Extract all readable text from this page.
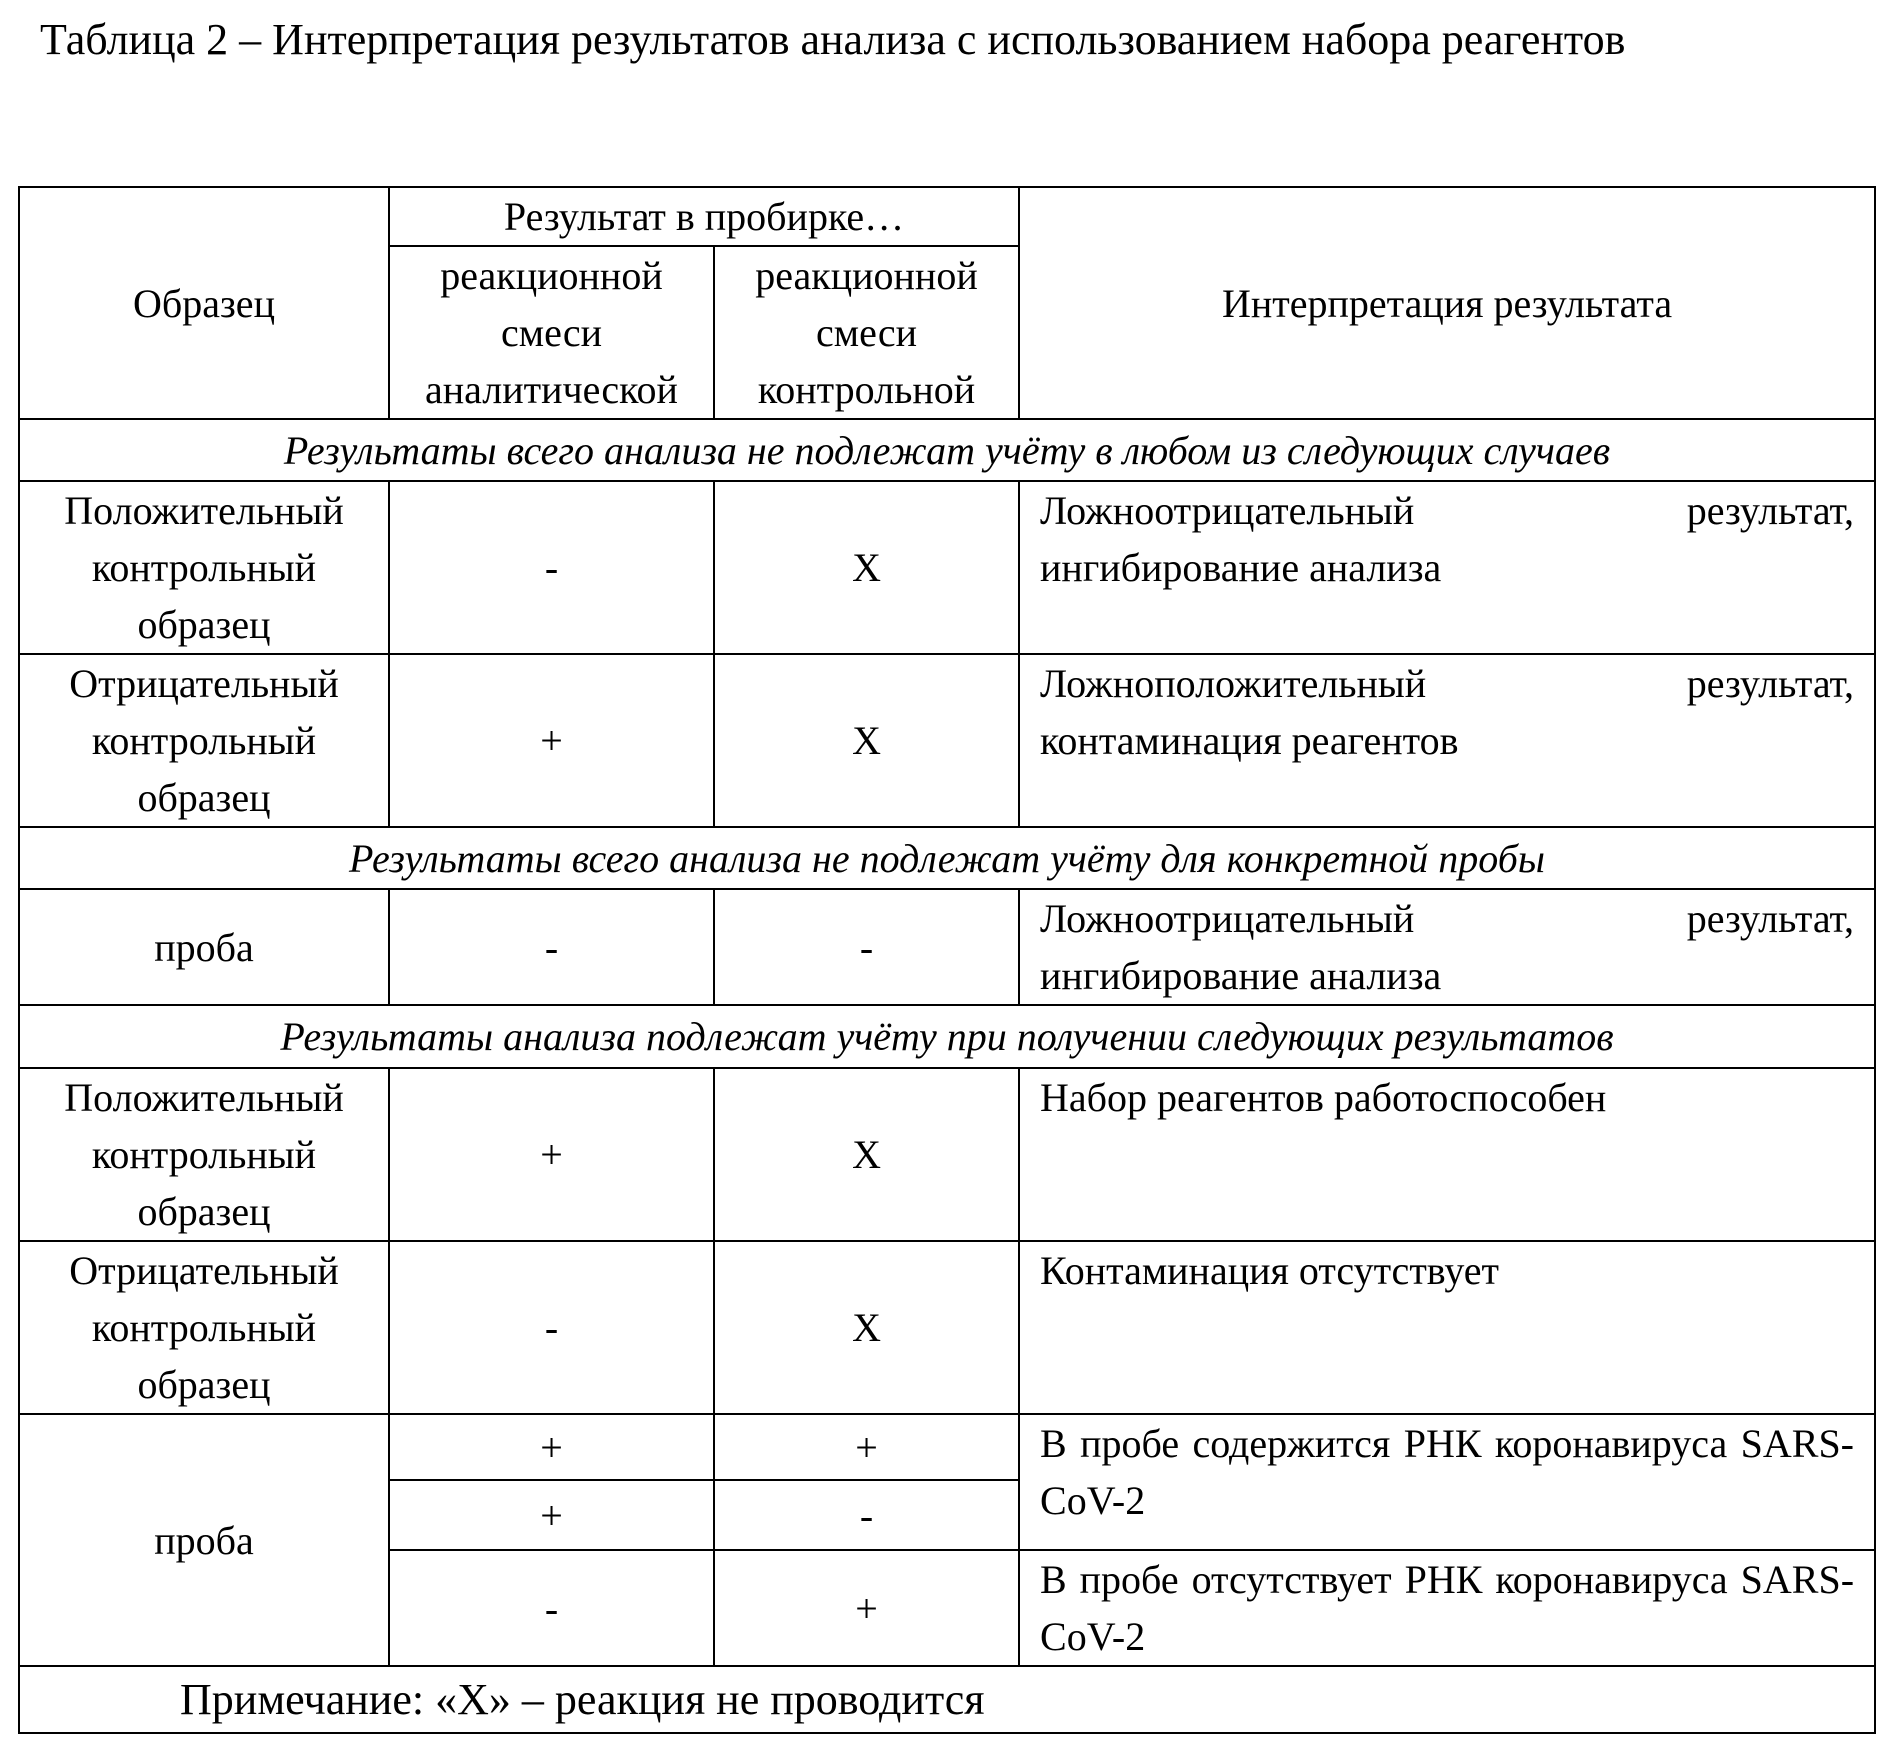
Таблица 2 – Интерпретация результатов анализа с использованием набора реагентов
Образец	Результат в пробирке…	Интерпретация результата
реакционной смеси аналитической	реакционной смеси контрольной
Результаты всего анализа не подлежат учёту в любом из следующих случаев
Положительный контрольный образец	-	X	Ложноотрицательный результат, ингибирование анализа
Отрицательный контрольный образец	+	X	Ложноположительный результат, контаминация реагентов
Результаты всего анализа не подлежат учёту для конкретной пробы
проба	-	-	Ложноотрицательный результат, ингибирование анализа
Результаты анализа подлежат учёту при получении следующих результатов
Положительный контрольный образец	+	X	Набор реагентов работоспособен
Отрицательный контрольный образец	-	X	Контаминация отсутствует
проба	+	+	В пробе содержится РНК коронавируса SARS-CoV-2
+	-
-	+	В пробе отсутствует РНК коронавируса SARS-CoV-2
Примечание: «Х» – реакция не проводится
